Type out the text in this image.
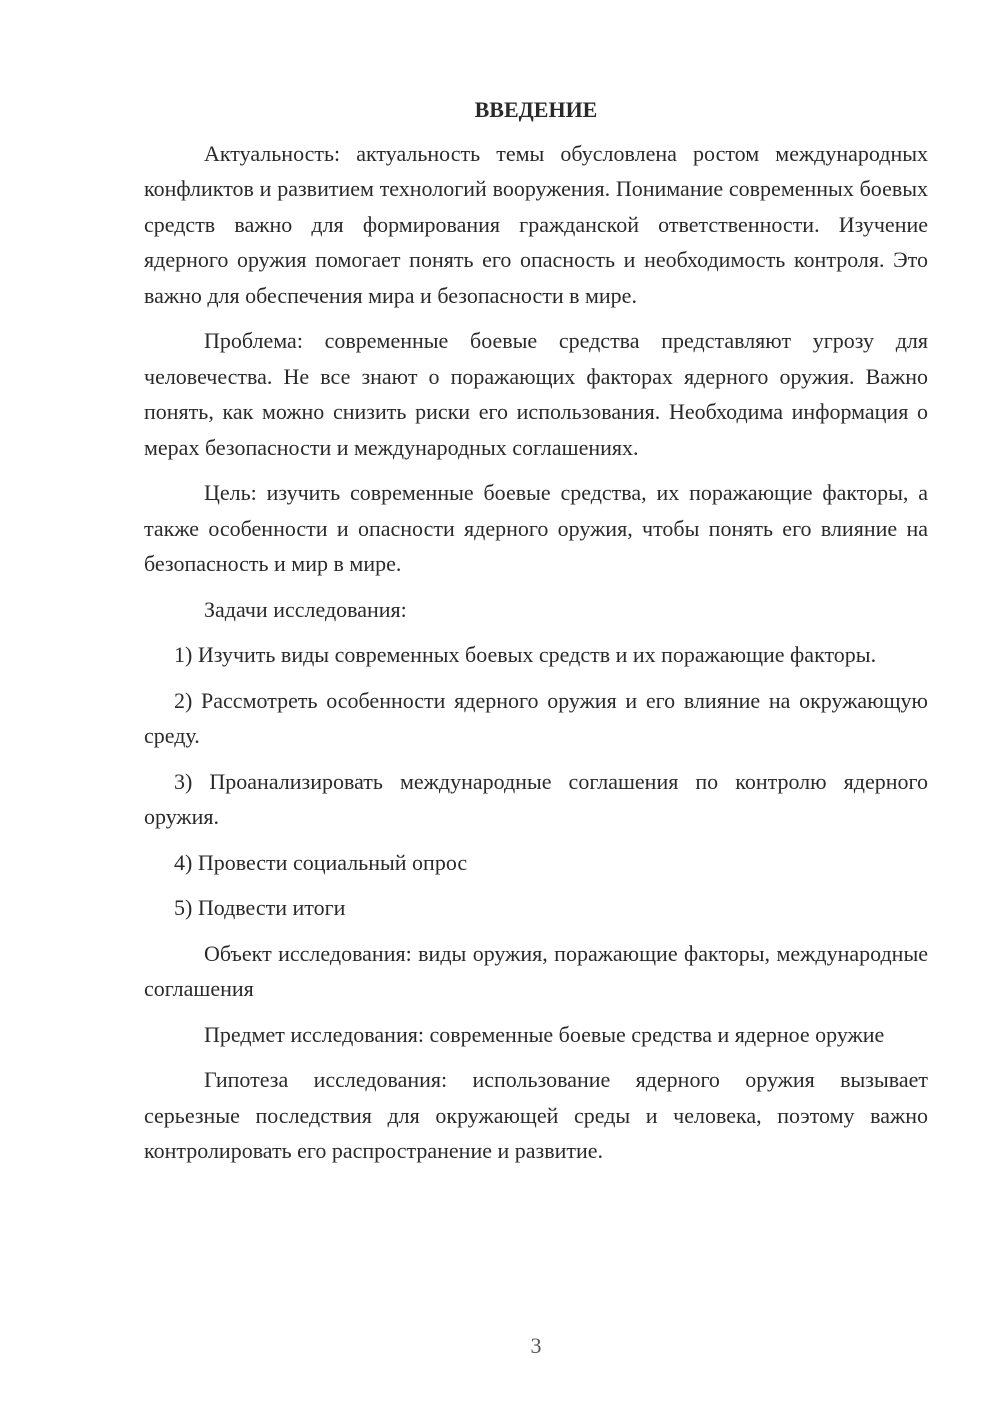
ВВЕДЕНИЕ

Актуальность: актуальность темы обусловлена ростом международных конфликтов и развитием технологий вооружения. Понимание современных боевых средств важно для формирования гражданской ответственности. Изучение ядерного оружия помогает понять его опасность и необходимость контроля. Это важно для обеспечения мира и безопасности в мире.

Проблема: современные боевые средства представляют угрозу для человечества. Не все знают о поражающих факторах ядерного оружия. Важно понять, как можно снизить риски его использования. Необходима информация о мерах безопасности и международных соглашениях.

Цель: изучить современные боевые средства, их поражающие факторы, а также особенности и опасности ядерного оружия, чтобы понять его влияние на безопасность и мир в мире.

Задачи исследования:

1) Изучить виды современных боевых средств и их поражающие факторы.

2) Рассмотреть особенности ядерного оружия и его влияние на окружающую среду.

3) Проанализировать международные соглашения по контролю ядерного оружия.

4) Провести социальный опрос

5) Подвести итоги

Объект исследования: виды оружия, поражающие факторы, международные соглашения

Предмет исследования: современные боевые средства и ядерное оружие

Гипотеза исследования: использование ядерного оружия вызывает серьезные последствия для окружающей среды и человека, поэтому важно контролировать его распространение и развитие.

3
